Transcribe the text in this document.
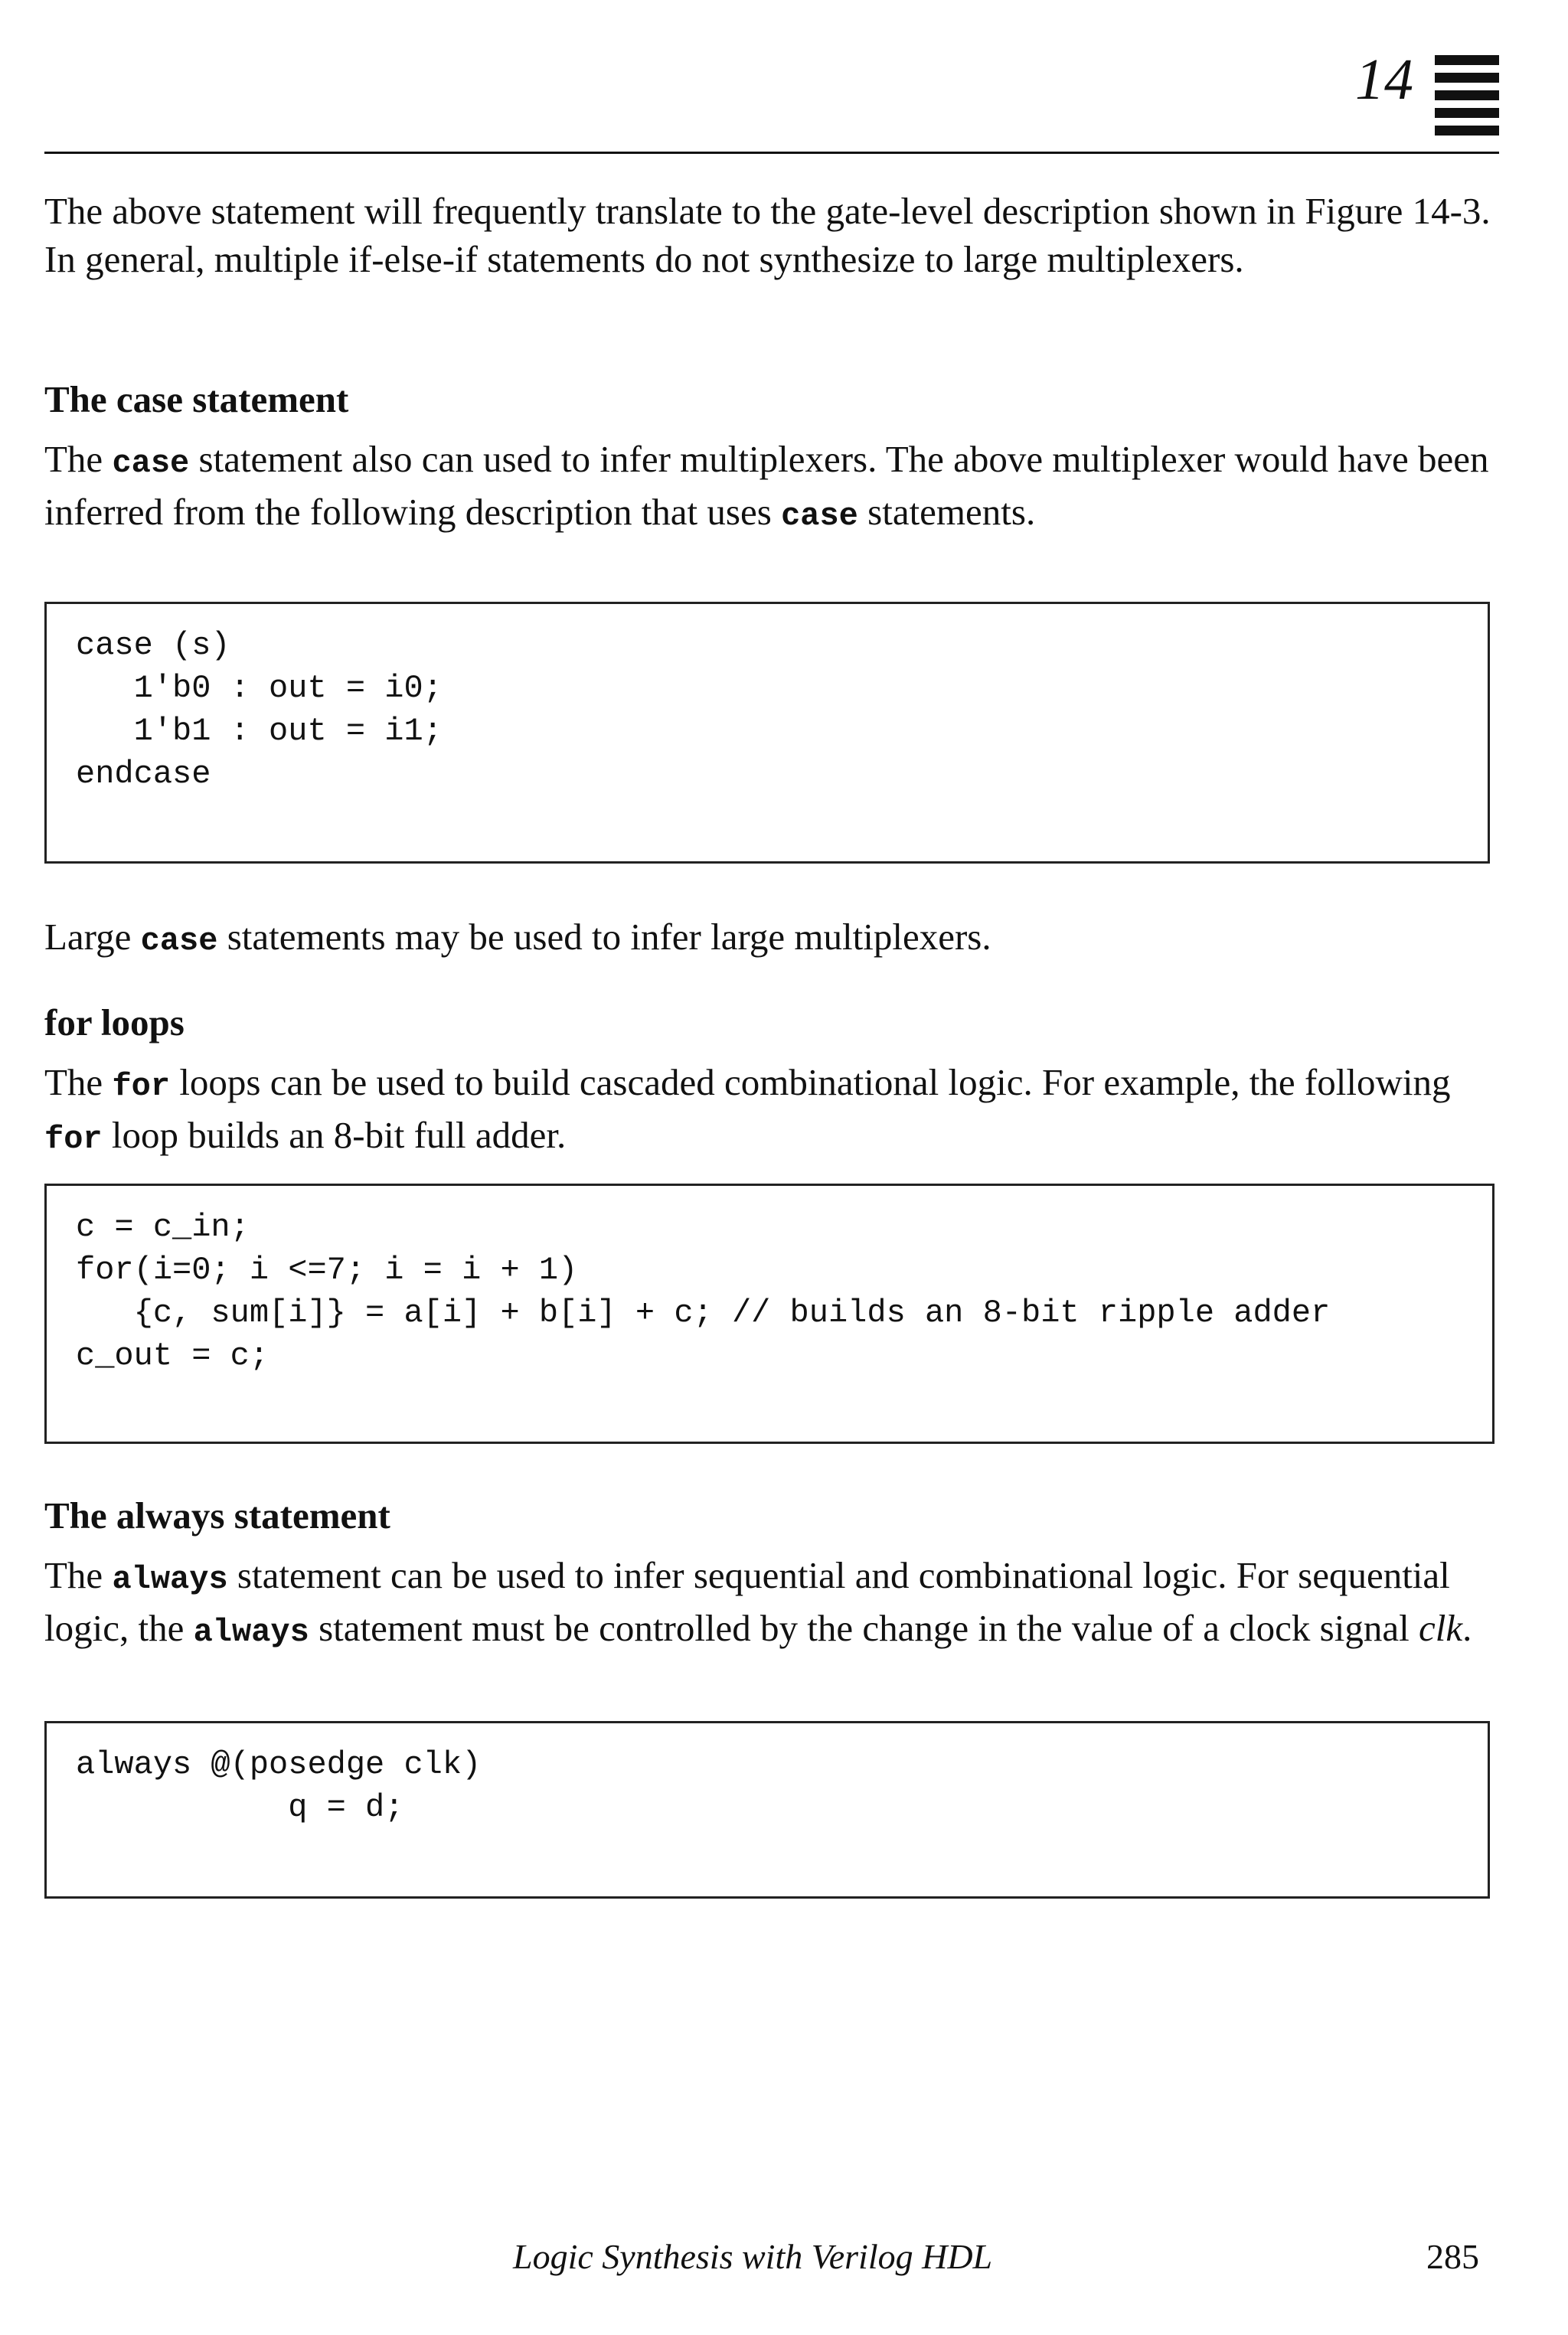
14

The above statement will frequently translate to the gate-level description shown in Figure 14-3. In general, multiple if-else-if statements do not synthesize to large multiplexers.

The case statement

The case statement also can used to infer multiplexers. The above multiplexer would have been inferred from the following description that uses case statements.

case (s)
1'b0 : out = i0;
1'b1 : out = i1;
endcase

Large case statements may be used to infer large multiplexers.

for loops

The for loops can be used to build cascaded combinational logic. For example, the following for loop builds an 8-bit full adder.

c = c_in;
for(i=0; i <=7; i = i + 1)
{c, sum[i]} = a[i] + b[i] + c; // builds an 8-bit ripple adder
c_out = c;
The always statement

The always statement can be used to infer sequential and combinational logic. For sequential logic, the always statement must be controlled by the change in the value of a clock signal clk.

always @(posedge clk)
q = d;
Logic Synthesis with Verilog HDL	285
